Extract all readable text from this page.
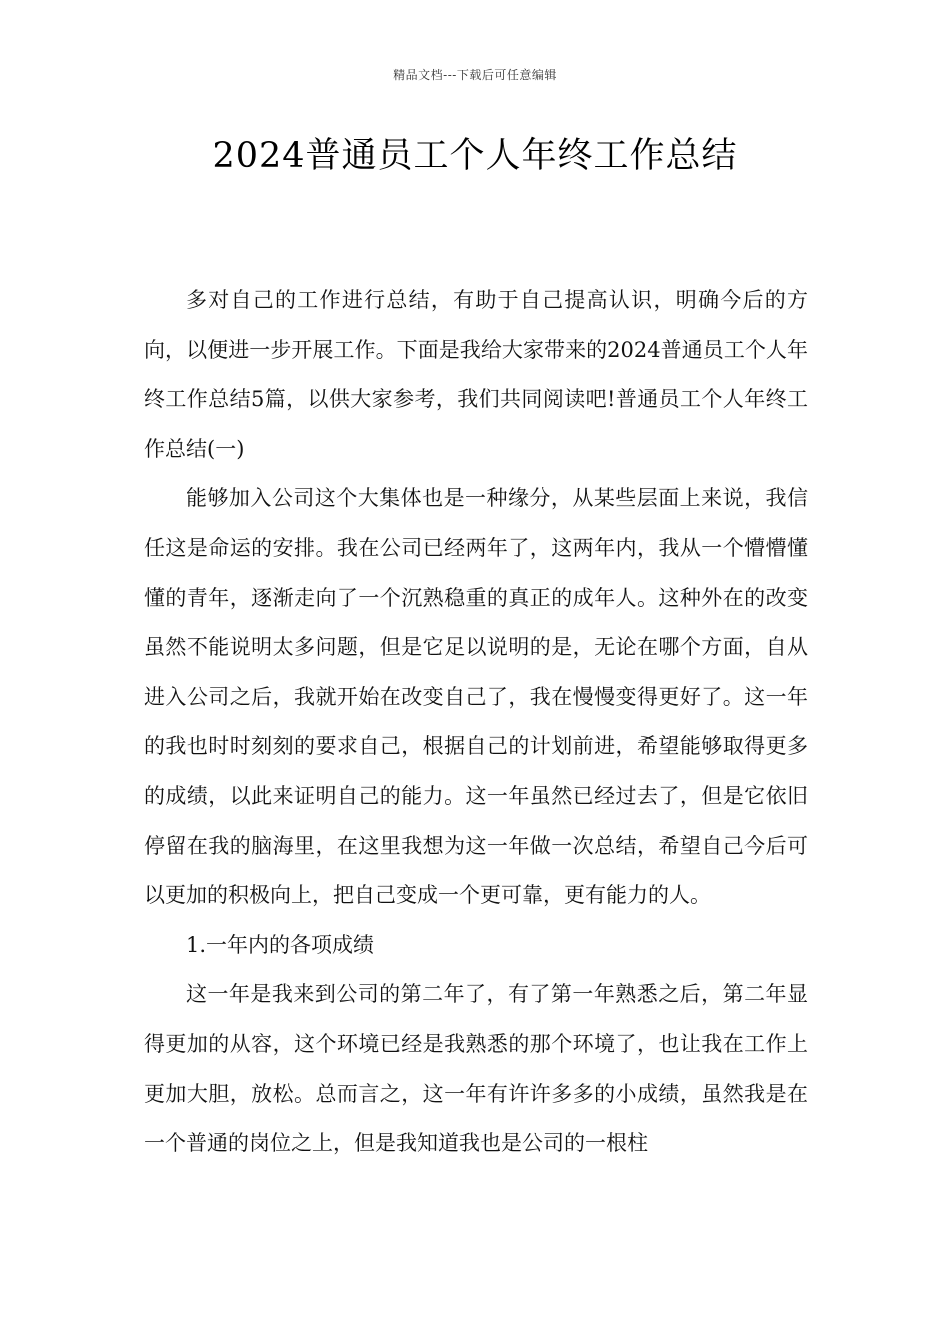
精品文档---下载后可任意编辑
2024普通员工个人年终工作总结

多对自己的工作进行总结，有助于自己提高认识，明确今后的方向，以便进一步开展工作。下面是我给大家带来的2024普通员工个人年终工作总结5篇，以供大家参考，我们共同阅读吧!普通员工个人年终工作总结(一)

能够加入公司这个大集体也是一种缘分，从某些层面上来说，我信任这是命运的安排。我在公司已经两年了，这两年内，我从一个懵懵懂懂的青年，逐渐走向了一个沉熟稳重的真正的成年人。这种外在的改变虽然不能说明太多问题，但是它足以说明的是，无论在哪个方面，自从进入公司之后，我就开始在改变自己了，我在慢慢变得更好了。这一年的我也时时刻刻的要求自己，根据自己的计划前进，希望能够取得更多的成绩，以此来证明自己的能力。这一年虽然已经过去了，但是它依旧停留在我的脑海里，在这里我想为这一年做一次总结，希望自己今后可以更加的积极向上，把自己变成一个更可靠，更有能力的人。

1.一年内的各项成绩

这一年是我来到公司的第二年了，有了第一年熟悉之后，第二年显得更加的从容，这个环境已经是我熟悉的那个环境了，也让我在工作上更加大胆，放松。总而言之，这一年有许许多多的小成绩，虽然我是在一个普通的岗位之上，但是我知道我也是公司的一根柱
